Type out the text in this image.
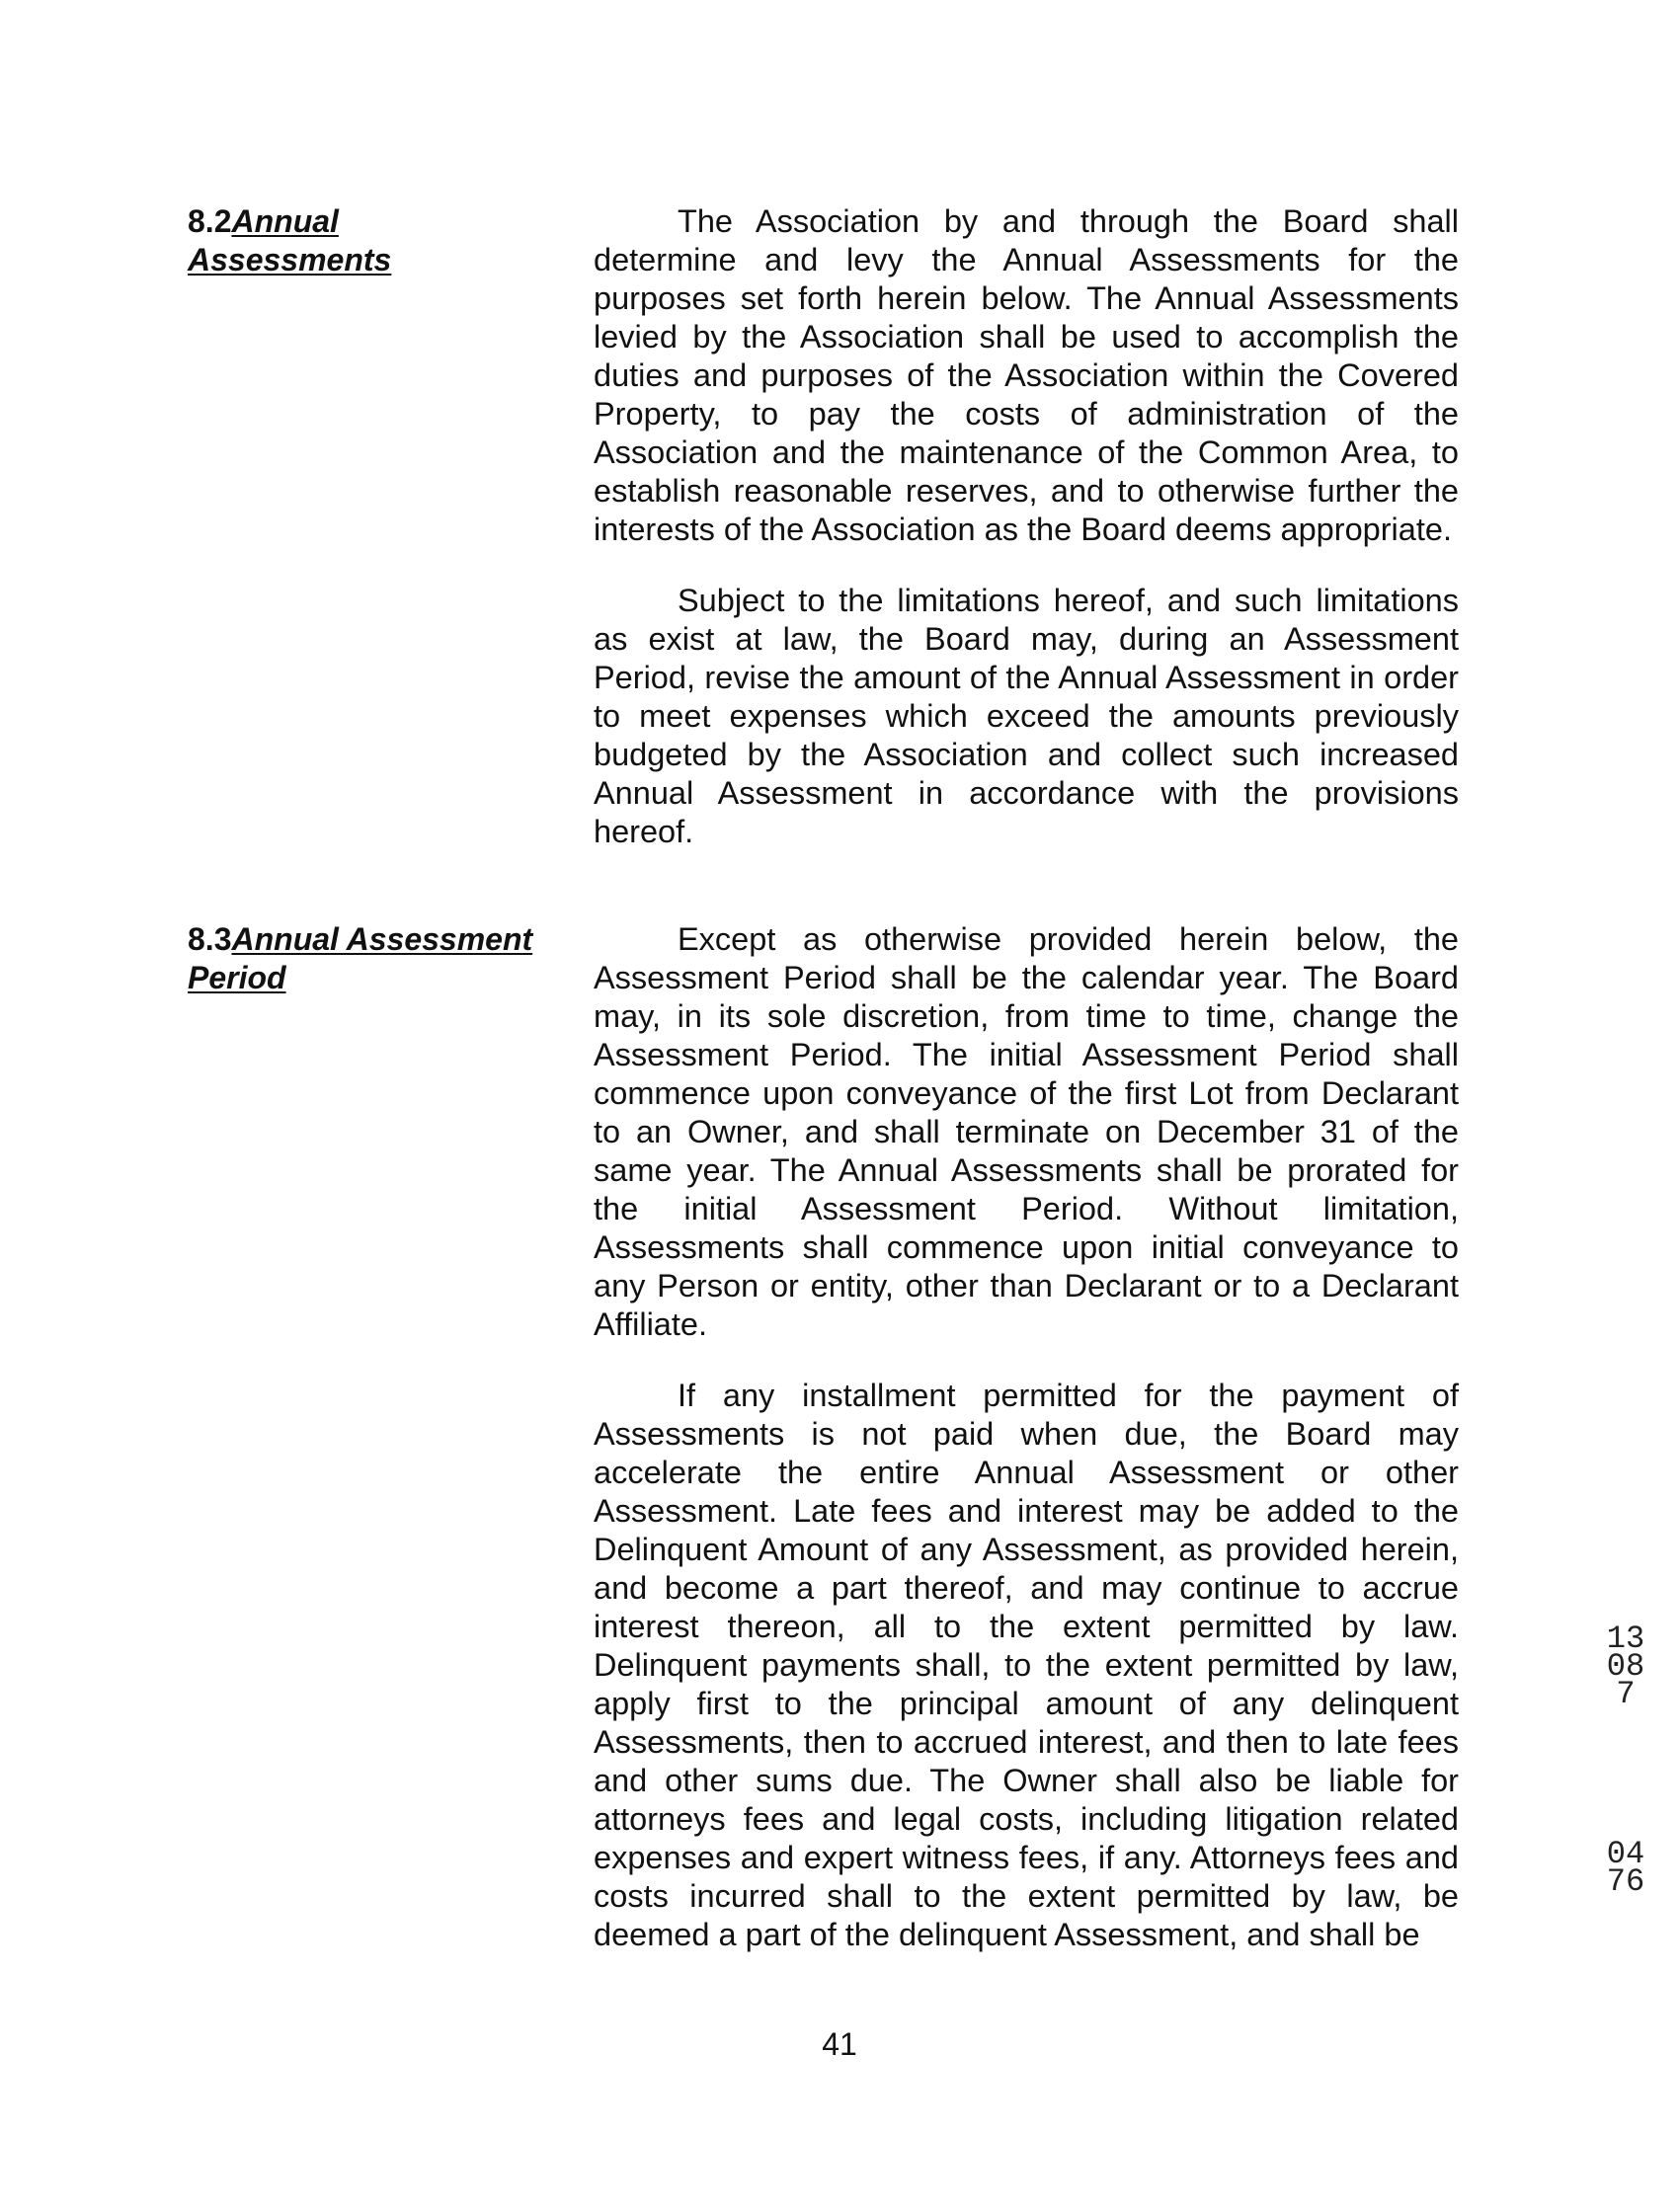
8.2Annual
Assessments

The Association by and through the Board shall determine and levy the Annual Assessments for the purposes set forth herein below. The Annual Assessments levied by the Association shall be used to accomplish the duties and purposes of the Association within the Covered Property, to pay the costs of administration of the Association and the maintenance of the Common Area, to establish reasonable reserves, and to otherwise further the interests of the Association as the Board deems appropriate.

Subject to the limitations hereof, and such limitations as exist at law, the Board may, during an Assessment Period, revise the amount of the Annual Assessment in order to meet expenses which exceed the amounts previously budgeted by the Association and collect such increased Annual Assessment in accordance with the provisions hereof.

8.3Annual Assessment
Period

Except as otherwise provided herein below, the Assessment Period shall be the calendar year. The Board may, in its sole discretion, from time to time, change the Assessment Period. The initial Assessment Period shall commence upon conveyance of the first Lot from Declarant to an Owner, and shall terminate on December 31 of the same year. The Annual Assessments shall be prorated for the initial Assessment Period. Without limitation, Assessments shall commence upon initial conveyance to any Person or entity, other than Declarant or to a Declarant Affiliate.

If any installment permitted for the payment of Assessments is not paid when due, the Board may accelerate the entire Annual Assessment or other Assessment. Late fees and interest may be added to the Delinquent Amount of any Assessment, as provided herein, and become a part thereof, and may continue to accrue interest thereon, all to the extent permitted by law. Delinquent payments shall, to the extent permitted by law, apply first to the principal amount of any delinquent Assessments, then to accrued interest, and then to late fees and other sums due. The Owner shall also be liable for attorneys fees and legal costs, including litigation related expenses and expert witness fees, if any. Attorneys fees and costs incurred shall to the extent permitted by law, be deemed a part of the delinquent Assessment, and shall be

41

13087

0476
